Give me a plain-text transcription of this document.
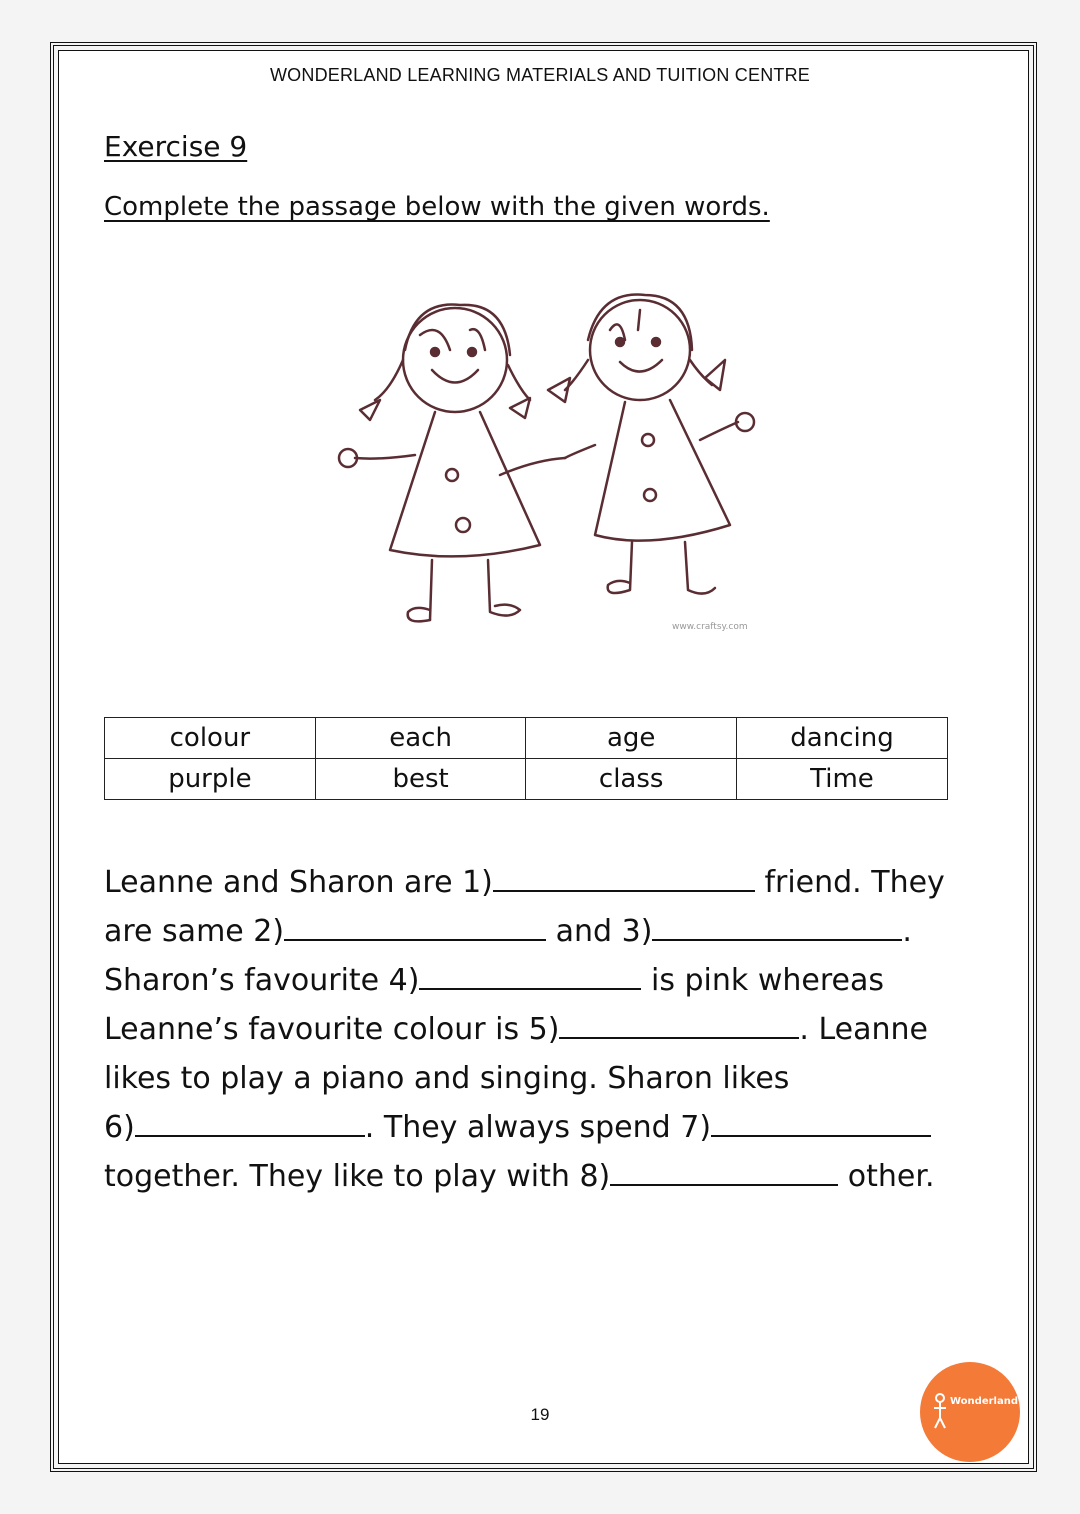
WONDERLAND LEARNING MATERIALS AND TUITION CENTRE
Exercise 9
Complete the passage below with the given words.
www.craftsy.com
colour	each	age	dancing
purple	best	class	Time
Leanne and Sharon are 1)	friend. They
are same 2)	and 3)	.
Sharon’s favourite 4)	is pink whereas
Leanne’s favourite colour is 5)	. Leanne
likes to play a piano and singing. Sharon likes
6)	. They always spend 7)
together. They like to play with 8)	other.
19
Wonderland
